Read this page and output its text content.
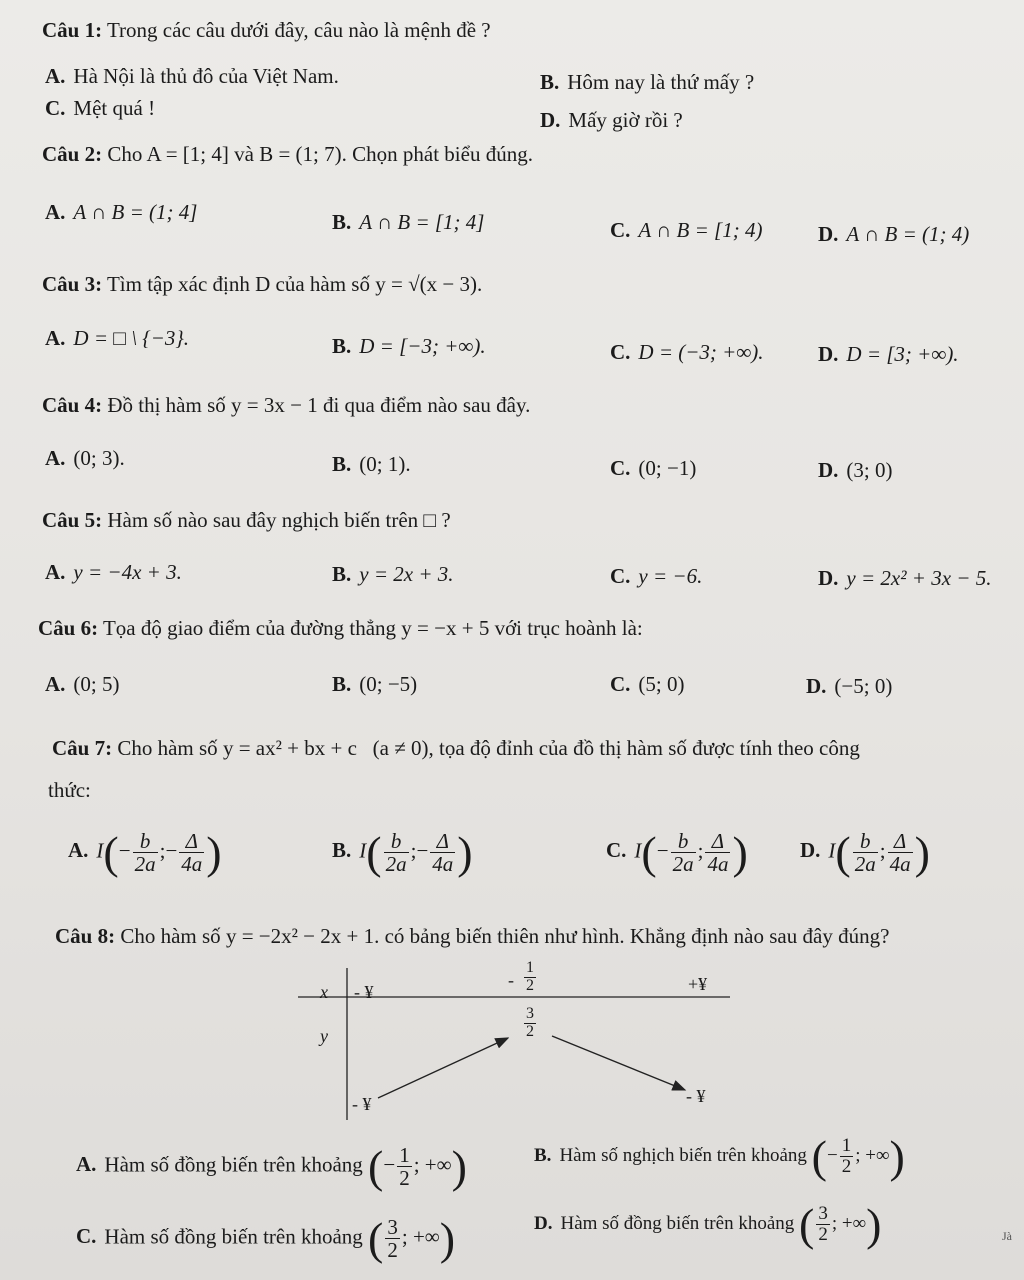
Câu 1: Trong các câu dưới đây, câu nào là mệnh đề ?
A. Hà Nội là thủ đô của Việt Nam.	B. Hôm nay là thứ mấy ?
C. Mệt quá !	D. Mấy giờ rồi ?
Câu 2: Cho A = [1; 4] và B = (1; 7). Chọn phát biểu đúng.
A. A ∩ B = (1; 4]	B. A ∩ B = [1; 4]	C. A ∩ B = [1; 4)	D. A ∩ B = (1; 4)
Câu 3: Tìm tập xác định D của hàm số y = √(x − 3).
A. D = □ \ {−3}.	B. D = [−3; +∞).	C. D = (−3; +∞).	D. D = [3; +∞).
Câu 4: Đồ thị hàm số y = 3x − 1 đi qua điểm nào sau đây.
A. (0; 3).	B. (0; 1).	C. (0; −1)	D. (3; 0)
Câu 5: Hàm số nào sau đây nghịch biến trên □ ?
A. y = −4x + 3.	B. y = 2x + 3.	C. y = −6.	D. y = 2x² + 3x − 5.
Câu 6: Tọa độ giao điểm của đường thẳng y = −x + 5 với trục hoành là:
A. (0; 5)	B. (0; −5)	C. (5; 0)	D. (−5; 0)
Câu 7: Cho hàm số y = ax² + bx + c (a ≠ 0), tọa độ đỉnh của đồ thị hàm số được tính theo công
thức:
A. $I(- \frac{b}{2a}$ ;− $\frac{\Delta}{4a}$ )	B. $I( \frac{b}{2a}$ ;− $\frac{\Delta}{4a}$ )	C. $I(- \frac{b}{2a}$ ; $\frac{\Delta}{4a}$ ) D. $I( \frac{b}{2a}$ ; $\frac{\Delta}{4a}$ )
Câu 8: Cho hàm số y = −2x² − 2x + 1. có bảng biến thiên như hình. Khẳng định nào sau đây đúng?
x - ¥
- $\frac{1}{2}$	+¥
y	$\frac{3}{2}$
- ¥	- ¥
A. Hàm số đồng biến trên khoảng (− $\frac{1}{2}$ ; +∞)	B. Hàm số nghịch biến trên khoảng (− $\frac{1}{2}$ ; +∞)
C. Hàm số đồng biến trên khoảng ( $\frac{3}{2}$ ; +∞)	D. Hàm số đồng biến trên khoảng ( $\frac{3}{2}$ ; +∞)	Jà
